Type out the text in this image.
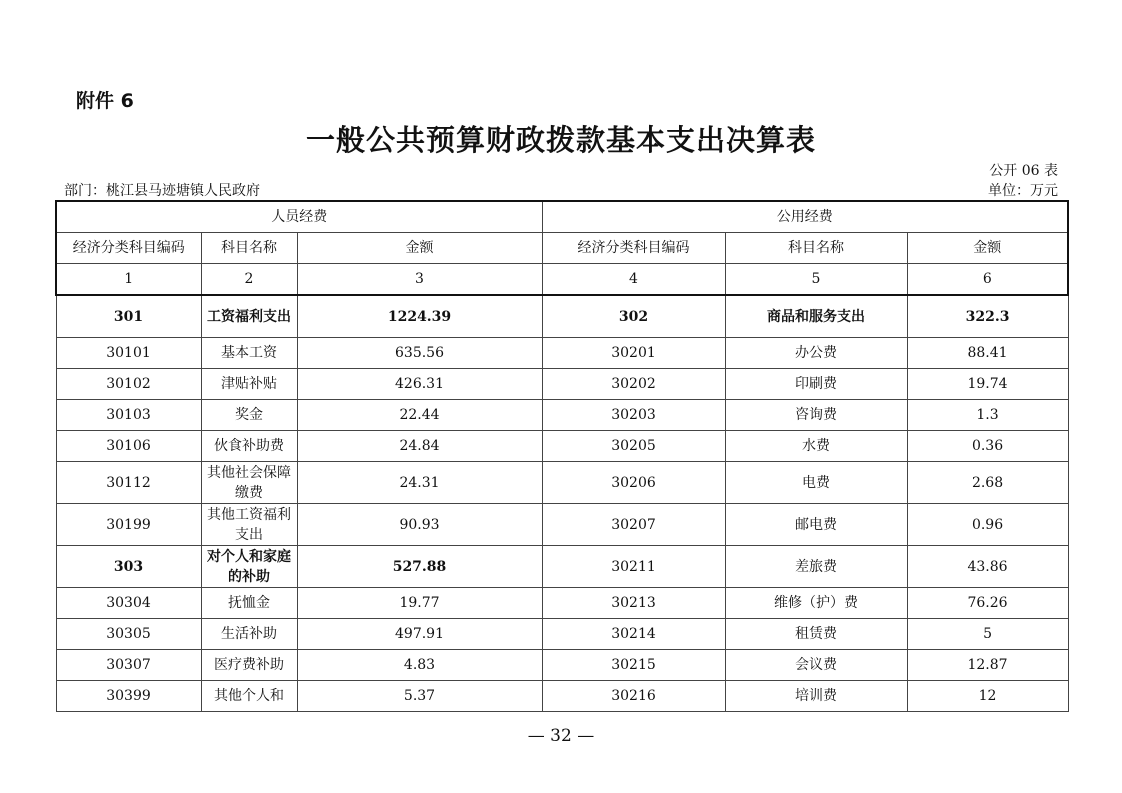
附件 6
一般公共预算财政拨款基本支出决算表
公开 06 表
部门：桃江县马迹塘镇人民政府	单位：万元
人员经费			公用经费		
经济分类科目编码	科目名称	金额	经济分类科目编码	科目名称	金额
1	2	3	4	5	6
301	工资福利支出	1224.39	302	商品和服务支出	322.3
30101	基本工资	635.56	30201	办公费	88.41
30102	津贴补贴	426.31	30202	印刷费	19.74
30103	奖金	22.44	30203	咨询费	1.3
30106	伙食补助费	24.84	30205	水费	0.36
30112	其他社会保障缴费	24.31	30206	电费	2.68
30199	其他工资福利支出	90.93	30207	邮电费	0.96
303	对个人和家庭的补助	527.88	30211	差旅费	43.86
30304	抚恤金	19.77	30213	维修（护）费	76.26
30305	生活补助	497.91	30214	租赁费	5
30307	医疗费补助	4.83	30215	会议费	12.87
30399	其他个人和	5.37	30216	培训费	12
— 32 —
